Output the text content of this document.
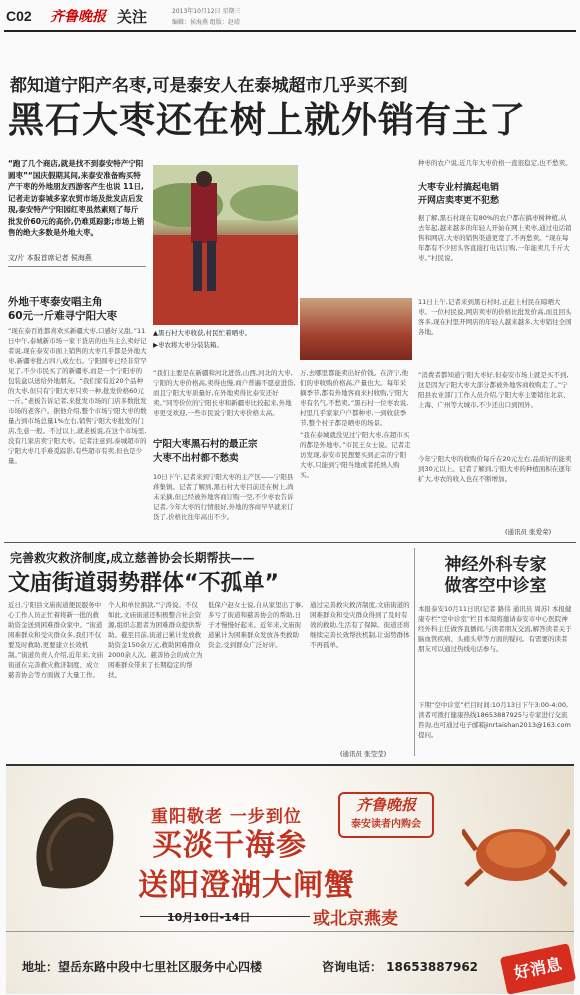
C02 齐鲁晚报 关注	2013年10月12日 星期三
编辑：侯海燕 组版：赵靖
都知道宁阳产名枣,可是泰安人在泰城超市几乎买不到
黑石大枣还在树上就外销有主了
“跑了几个商店,就是找不到泰安特产宁阳圆枣”“国庆假期其间,来泰安准备购买特产干枣的外地朋友西游客产生也说 11日,记者走访泰城多家农贸市场及批发店后发现,泰安特产宁阳园红枣虽然素则了每斤批发价60元的高价,仍难觅踪影;市场上销售的绝大多数是外地大枣。
文/片 本报首席记者 侯海燕
外地干枣泰安唱主角
60元一斤难寻宁阳大枣
“现在泰百姓都喜欢买新疆大枣,口感好又甜。”11日中午,泰城新市场一家干货店的也当主么卖好记者说,现在泰安市面上销售的大枣几乎都是外地大枣,新疆枣批占四八成左右。宁阳圆枣已经非常罕见了,不少市民买了的新疆枣,而是一个宁阳枣的包装盒以送给外地朋友。“我们家有近20个品种的大枣,但只有宁阳大枣只卖一种,批发价格60元一斤。”老板告诉记者,来批发市场的门店多数批发市场的老客户。据他介绍,整个市场宁阳大枣的数量占到市场总量1%左右,销售宁阳大枣批发的门店,生意一般。不过以上,就老板说,在这个市场里,没有几家店卖宁阳大枣。记者注意到,泰城超市的宁阳大枣几乎难觅踪影,有些超市有卖,但也是少量。
▲黑石村大枣收获,村民忙着晒枣。
▶枣农将大枣分装装箱。
“我们主要是在新疆和河北进货,山西,河北的大枣,宁阳的大枣价格高,卖得也慢,商户普遍不愿意进货,而且宁阳大枣质量好,在外地卖得比泰安还好卖。”同等价位的宁阳长枣和新疆枣比较起来,外地枣更受欢迎,一些市民说宁阳大枣价格太高。
宁阳大枣黑石村的最正宗
大枣不出村都不愁卖
10日下午,记者来到宁阳大枣的主产区——宁阳县蒋集镇。记者了解到,黑石村大枣目前还在树上,尚未采摘,但已经被外地客商订购一空,不少枣农告诉记者,今年大枣的行情很好,外地的客商早早就来订货了,价格比往年高出不少。
万,去哪里都能卖出好价钱。在济宁,他们的枣收购价格高,产量也大。每年采摘季节,都有外地客商来村收购,宁阳大枣有名气,不愁卖。”黑石村一位枣农说,村里几乎家家户户都种枣,一到收获季节,整个村子都是晒枣的场景。
“我在泰城就没见过宁阳大枣,在超市买的都是外地枣。”市民王女士说。记者走访发现,泰安市民想要买到正宗的宁阳大枣,只能到宁阳当地或者托熟人购买。
种枣的农户说,近几年大枣价格一直很稳定,也不愁卖。
大枣专业村搞起电销
开网店卖枣更不犯愁
据了解,黑石村现在有80%的农户都在搞枣树种植,从去年起,越来越多的年轻人开始在网上卖枣,通过电话销售和网店,大枣的销售渠道更宽了,不再愁卖。“现在每年都有不少回头客直接打电话订购,一年能卖几千斤大枣。”村民说。
11日上午,记者来到黑石村时,正赶上村民在晾晒大枣。一位村民说,网店卖枣的价格比批发价高,而且回头客多,现在村里开网店的年轻人越来越多,大枣销往全国各地。
“消费者都知道宁阳大枣好,但泰安市场上就是买不到,这是因为宁阳大枣大部分都被外地客商收购走了。”宁阳县农业部门工作人员介绍,宁阳大枣主要销往北京、上海、广州等大城市,不少还出口到国外。
今年宁阳大枣的收购价每斤在20元左右,品质好的能卖到30元以上。记者了解到,宁阳大枣的种植面积在逐年扩大,枣农的收入也在不断增加。
(通讯员 张爱荣)
完善救灾救济制度,成立慈善协会长期帮扶——
文庙街道弱势群体“不孤单”
近日,宁阳县文庙街道便民服务中心工作人员正忙着将新一批的救助资金送到困难群众家中。“街道困难群众和受灾群众多,我们不仅要及时救助,更要建立长效机制。”街道负责人介绍,近年来,文庙街道在完善救灾救济制度、成立慈善协会等方面做了大量工作。
个人和单位捐款,”宁涛说。不仅如此,文庙街道还积极整合社会资源,组织志愿者为困难群众提供帮助。截至目前,街道已累计发放救助资金150余万元,救助困难群众2000余人次。慈善协会的成立为困难群众带来了长期稳定的帮扶。
低保户赵女士说,自从家里出了事,多亏了街道和慈善协会的帮助,日子才慢慢好起来。近年来,文庙街道累计为困难群众发放各类救助资金,受到群众广泛好评。
通过完善救灾救济制度,文庙街道的困难群众和受灾群众得到了及时有效的救助,生活有了保障。街道还将继续完善长效帮扶机制,让弱势群体不再孤单。
(通讯员 张莹莹)
神经外科专家
做客空中诊室
本报泰安10月11日讯(记者 路伟 通讯员 周苏) 本报健康专栏“空中诊室”栏目本周将邀请泰安市中心医院神经外科主任做客直播间,与读者朋友交流,解答读者关于脑血管疾病、头痛头晕等方面的疑问。有需要的读者朋友可以通过热线电话参与。
下期“空中诊室”栏目时间:10月13日下午3:00-4:00,读者可拨打健康热线18653887925与专家进行交流咨询,也可通过电子邮箱jinrtaishan2013@163.com提问。
重阳敬老 一步到位
买淡干海参
送阳澄湖大闸蟹
齐鲁晚报
泰安读者内购会
10月10日-14日	或北京燕麦
地址：望岳东路中段中七里社区服务中心四楼	咨询电话： 18653887962	好消息
